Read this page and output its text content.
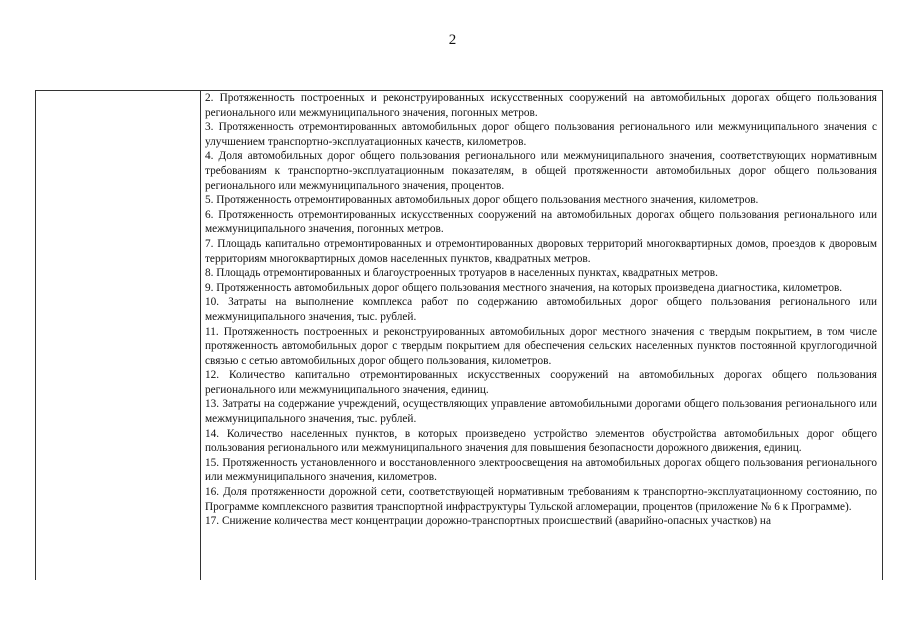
2

2. Протяженность построенных и реконструированных искусственных сооружений на автомобильных дорогах общего пользования регионального или межмуниципального значения, погонных метров.

3. Протяженность отремонтированных автомобильных дорог общего пользования регионального или межмуниципального значения с улучшением транспортно-эксплуатационных качеств, километров.

4. Доля автомобильных дорог общего пользования регионального или межмуниципального значения, соответствующих нормативным требованиям к транспортно-эксплуатационным показателям, в общей протяженности автомобильных дорог общего пользования регионального или межмуниципального значения, процентов.

5. Протяженность отремонтированных автомобильных дорог общего пользования местного значения, километров.

6. Протяженность отремонтированных искусственных сооружений на автомобильных дорогах общего пользования регионального или межмуниципального значения, погонных метров.

7. Площадь капитально отремонтированных и отремонтированных дворовых территорий многоквартирных домов, проездов к дворовым территориям многоквартирных домов населенных пунктов, квадратных метров.

8. Площадь отремонтированных и благоустроенных тротуаров в населенных пунктах, квадратных метров.

9. Протяженность автомобильных дорог общего пользования местного значения, на которых произведена диагностика, километров.

10. Затраты на выполнение комплекса работ по содержанию автомобильных дорог общего пользования регионального или межмуниципального значения, тыс. рублей.

11. Протяженность построенных и реконструированных автомобильных дорог местного значения с твердым покрытием, в том числе протяженность автомобильных дорог с твердым покрытием для обеспечения сельских населенных пунктов постоянной круглогодичной связью с сетью автомобильных дорог общего пользования, километров.

12. Количество капитально отремонтированных искусственных сооружений на автомобильных дорогах общего пользования регионального или межмуниципального значения, единиц.

13. Затраты на содержание учреждений, осуществляющих управление автомобильными дорогами общего пользования регионального или межмуниципального значения, тыс. рублей.

14. Количество населенных пунктов, в которых произведено устройство элементов обустройства автомобильных дорог общего пользования регионального или межмуниципального значения для повышения безопасности дорожного движения, единиц.

15. Протяженность установленного и восстановленного электроосвещения на автомобильных дорогах общего пользования регионального или межмуниципального значения, километров.

16. Доля протяженности дорожной сети, соответствующей нормативным требованиям к транспортно-эксплуатационному состоянию, по Программе комплексного развития транспортной инфраструктуры Тульской агломерации, процентов (приложение № 6 к Программе).

17. Снижение количества мест концентрации дорожно-транспортных происшествий (аварийно-опасных участков) на
